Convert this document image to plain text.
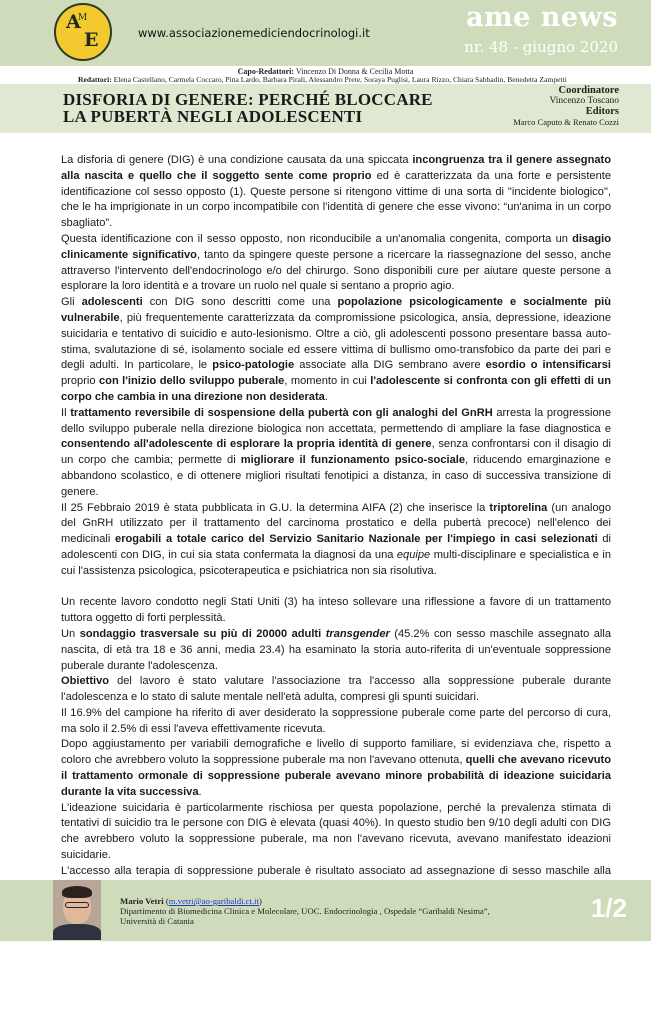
A
M
E	www.associazionemediciendocrinologi.it	ame news
nr. 48 - giugno 2020
Capo-Redattori: Vincenzo Di Donna & Cecilia Motta
Redattori: Elena Castellano, Carmela Coccaro, Pina Lardo, Barbara Pirali, Alessandro Prete, Soraya Puglisi, Laura Rizzo, Chiara Sabbadin, Benedetta Zampetti
DISFORIA DI GENERE: PERCHÉ BLOCCARE
LA PUBERTÀ NEGLI ADOLESCENTI
Coordinatore
Vincenzo Toscano
Editors
Marco Caputo & Renato Cozzi

La disforia di genere (DIG) è una condizione causata da una spiccata incongruenza tra il genere assegnato alla nascita e quello che il soggetto sente come proprio ed è caratterizzata da una forte e persistente identificazione col sesso opposto (1). Queste persone si ritengono vittime di una sorta di "incidente biologico", che le ha imprigionate in un corpo incompatibile con l'identità di genere che esse vivono: “un'anima in un corpo sbagliato”.

Questa identificazione con il sesso opposto, non riconducibile a un'anomalia congenita, comporta un disagio clinicamente significativo, tanto da spingere queste persone a ricercare la riassegnazione del sesso, anche attraverso l'intervento dell'endocrinologo e/o del chirurgo. Sono disponibili cure per aiutare queste persone a esplorare la loro identità e a trovare un ruolo nel quale si sentano a proprio agio.

Gli adolescenti con DIG sono descritti come una popolazione psicologicamente e socialmente più vulnerabile, più frequentemente caratterizzata da compromissione psicologica, ansia, depressione, ideazione suicidaria e tentativo di suicidio e auto-lesionismo. Oltre a ciò, gli adolescenti possono presentare bassa auto-stima, svalutazione di sé, isolamento sociale ed essere vittima di bullismo omo-transfobico da parte dei pari e degli adulti. In particolare, le psico-patologie associate alla DIG sembrano avere esordio o intensificarsi proprio con l'inizio dello sviluppo puberale, momento in cui l'adolescente si confronta con gli effetti di un corpo che cambia in una direzione non desiderata.

Il trattamento reversibile di sospensione della pubertà con gli analoghi del GnRH arresta la progressione dello sviluppo puberale nella direzione biologica non accettata, permettendo di ampliare la fase diagnostica e consentendo all'adolescente di esplorare la propria identità di genere, senza confrontarsi con il disagio di un corpo che cambia; permette di migliorare il funzionamento psico-sociale, riducendo emarginazione e abbandono scolastico, e di ottenere migliori risultati fenotipici a distanza, in caso di successiva transizione di genere.

Il 25 Febbraio 2019 è stata pubblicata in G.U. la determina AIFA (2) che inserisce la triptorelina (un analogo del GnRH utilizzato per il trattamento del carcinoma prostatico e della pubertà precoce) nell'elenco dei medicinali erogabili a totale carico del Servizio Sanitario Nazionale per l'impiego in casi selezionati di adolescenti con DIG, in cui sia stata confermata la diagnosi da una equipe multi-disciplinare e specialistica e in cui l'assistenza psicologica, psicoterapeutica e psichiatrica non sia risolutiva.

Un recente lavoro condotto negli Stati Uniti (3) ha inteso sollevare una riflessione a favore di un trattamento tuttora oggetto di forti perplessità.

Un sondaggio trasversale su più di 20000 adulti transgender (45.2% con sesso maschile assegnato alla nascita, di età tra 18 e 36 anni, media 23.4) ha esaminato la storia auto-riferita di un'eventuale soppressione puberale durante l'adolescenza.

Obiettivo del lavoro è stato valutare l'associazione tra l'accesso alla soppressione puberale durante l'adolescenza e lo stato di salute mentale nell'età adulta, compresi gli spunti suicidari.

Il 16.9% del campione ha riferito di aver desiderato la soppressione puberale come parte del percorso di cura, ma solo il 2.5% di essi l'aveva effettivamente ricevuta.

Dopo aggiustamento per variabili demografiche e livello di supporto familiare, si evidenziava che, rispetto a coloro che avrebbero voluto la soppressione puberale ma non l'avevano ottenuta, quelli che avevano ricevuto il trattamento ormonale di soppressione puberale avevano minore probabilità di ideazione suicidaria durante la vita successiva.

L'ideazione suicidaria è particolarmente rischiosa per questa popolazione, perché la prevalenza stimata di tentativi di suicidio tra le persone con DIG è elevata (quasi 40%). In questo studio ben 9/10 degli adulti con DIG che avrebbero voluto la soppressione puberale, ma non l'avevano ricevuta, avevano manifestato ideazioni suicidarie.

L'accesso alla terapia di soppressione puberale è risultato associato ad assegnazione di sesso maschile alla

Mario Vetri (m.vetri@ao-garibaldi.ct.it)
Dipartimento di Biomedicina Clinica e Molecolare, UOC. Endocrinologia , Ospedale “Garibaldi Nesima”,
Università di Catania	1/2
